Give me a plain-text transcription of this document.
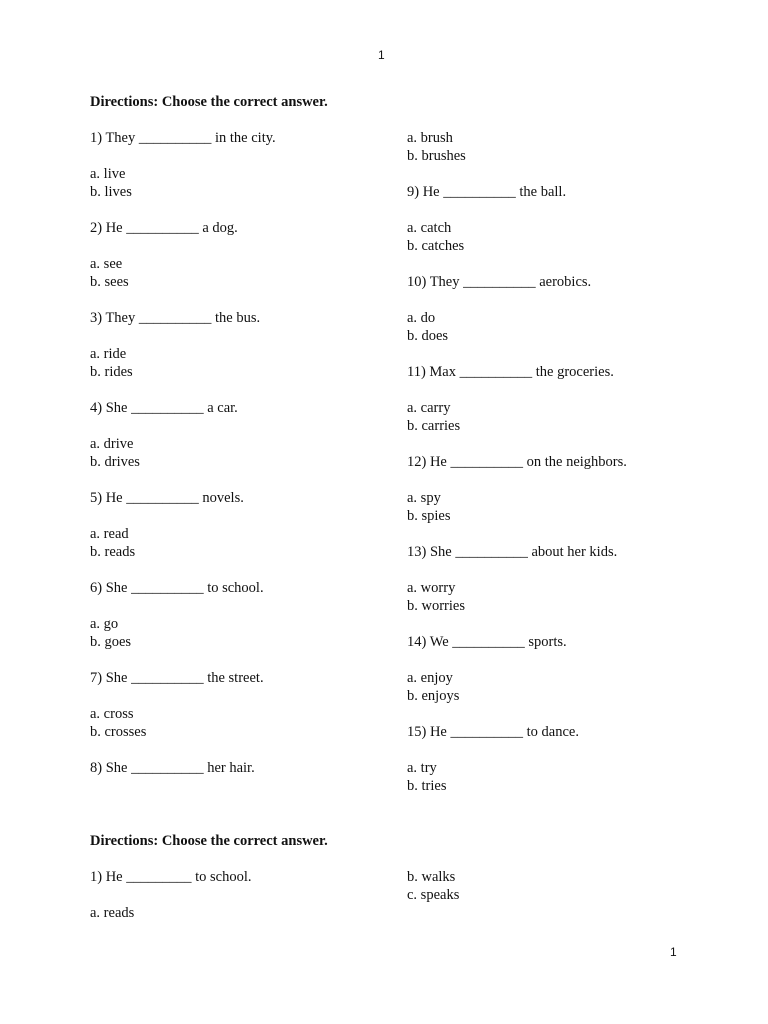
1
Directions: Choose the correct answer.
1) They __________ in the city.
a. live
b. lives
2) He __________ a dog.
a. see
b. sees
3) They __________ the bus.
a. ride
b. rides
4) She __________ a car.
a. drive
b. drives
5) He __________ novels.
a. read
b. reads
6) She __________ to school.
a. go
b. goes
7) She __________ the street.
a. cross
b. crosses
8) She __________ her hair.
a. brush
b. brushes
9) He __________ the ball.
a. catch
b. catches
10) They __________ aerobics.
a. do
b. does
11) Max __________ the groceries.
a. carry
b. carries
12) He __________ on the neighbors.
a. spy
b. spies
13) She __________ about her kids.
a. worry
b. worries
14) We __________ sports.
a. enjoy
b. enjoys
15) He __________ to dance.
a. try
b. tries
Directions: Choose the correct answer.
1) He _________ to school.
a. reads
b. walks
c. speaks
1
